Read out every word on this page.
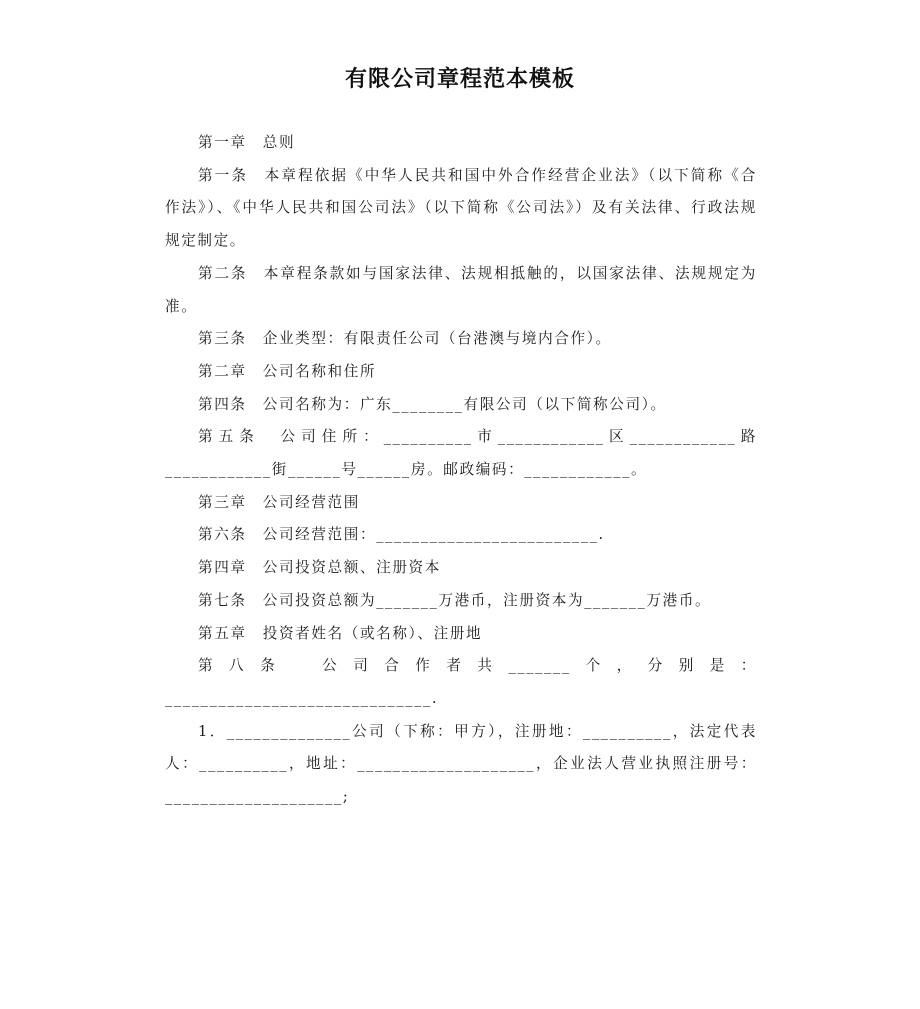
有限公司章程范本模板

第一章　总则

第一条　本章程依据《中华人民共和国中外合作经营企业法》（以下简称《合作法》）、《中华人民共和国公司法》（以下简称《公司法》）及有关法律、行政法规规定制定。

第二条　本章程条款如与国家法律、法规相抵触的，以国家法律、法规规定为准。

第三条　企业类型：有限责任公司（台港澳与境内合作）。

第二章　公司名称和住所

第四条　公司名称为：广东________有限公司（以下简称公司）。

第五条　公司住所：__________市____________区____________路____________街______号______房。邮政编码：____________。

第三章　公司经营范围

第六条　公司经营范围：_________________________.

第四章　公司投资总额、注册资本

第七条　公司投资总额为_______万港币，注册资本为_______万港币。

第五章　投资者姓名（或名称）、注册地

第八条　公司合作者共_______个，分别是：______________________________.

1．______________公司（下称：甲方），注册地：__________，法定代表人：__________，地址：____________________，企业法人营业执照注册号：____________________;
